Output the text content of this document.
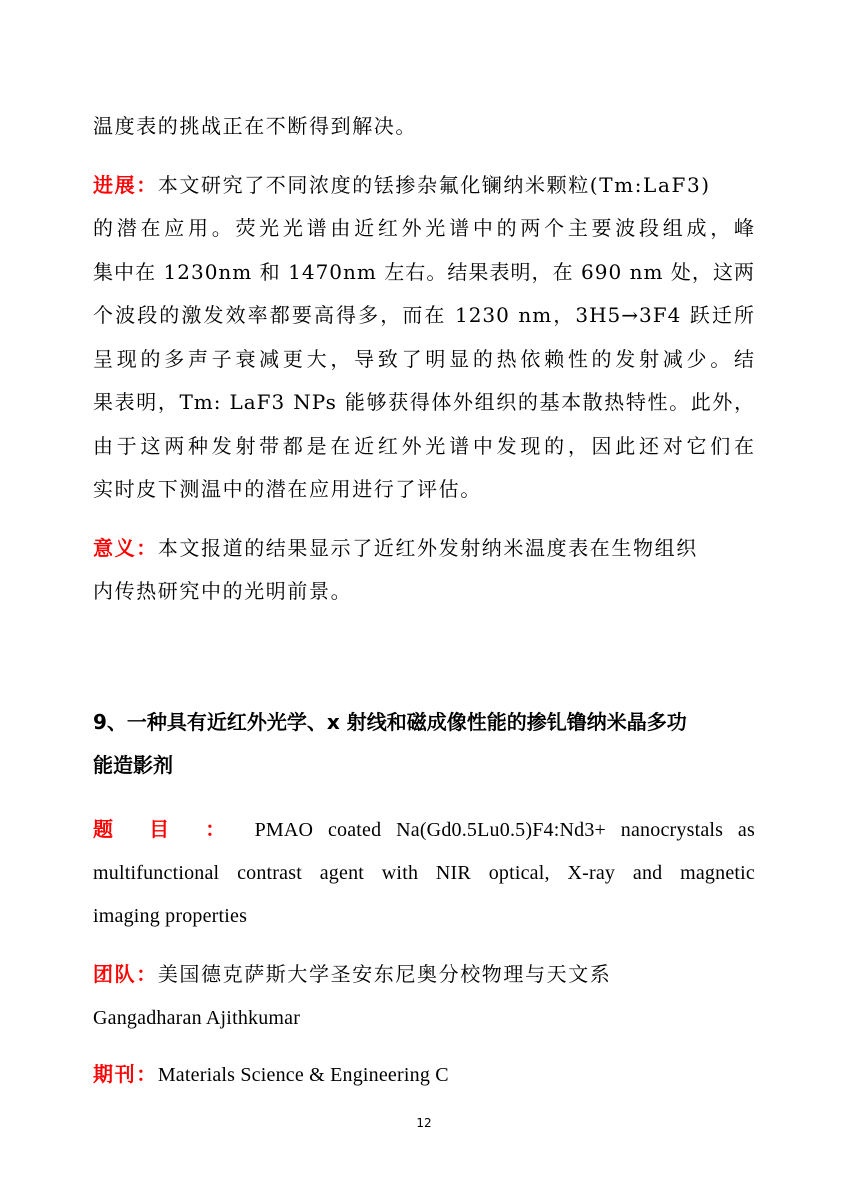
温度表的挑战正在不断得到解决。
进展：本文研究了不同浓度的铥掺杂氟化镧纳米颗粒(Tm:LaF3)
的潜在应用。荧光光谱由近红外光谱中的两个主要波段组成，峰
集中在 1230nm 和 1470nm 左右。结果表明，在 690 nm 处，这两
个波段的激发效率都要高得多，而在 1230 nm，3H5→3F4 跃迁所
呈现的多声子衰减更大，导致了明显的热依赖性的发射减少。结
果表明，Tm: LaF3 NPs 能够获得体外组织的基本散热特性。此外，
由于这两种发射带都是在近红外光谱中发现的，因此还对它们在
实时皮下测温中的潜在应用进行了评估。
意义：本文报道的结果显示了近红外发射纳米温度表在生物组织
内传热研究中的光明前景。
9、一种具有近红外光学、x 射线和磁成像性能的掺钆镥纳米晶多功
能造影剂
题 目 ： PMAO coated Na(Gd0.5Lu0.5)F4:Nd3+ nanocrystals as
multifunctional contrast agent with NIR optical, X-ray and magnetic
imaging properties
团队：美国德克萨斯大学圣安东尼奥分校物理与天文系
Gangadharan Ajithkumar
期刊：Materials Science & Engineering C
12
